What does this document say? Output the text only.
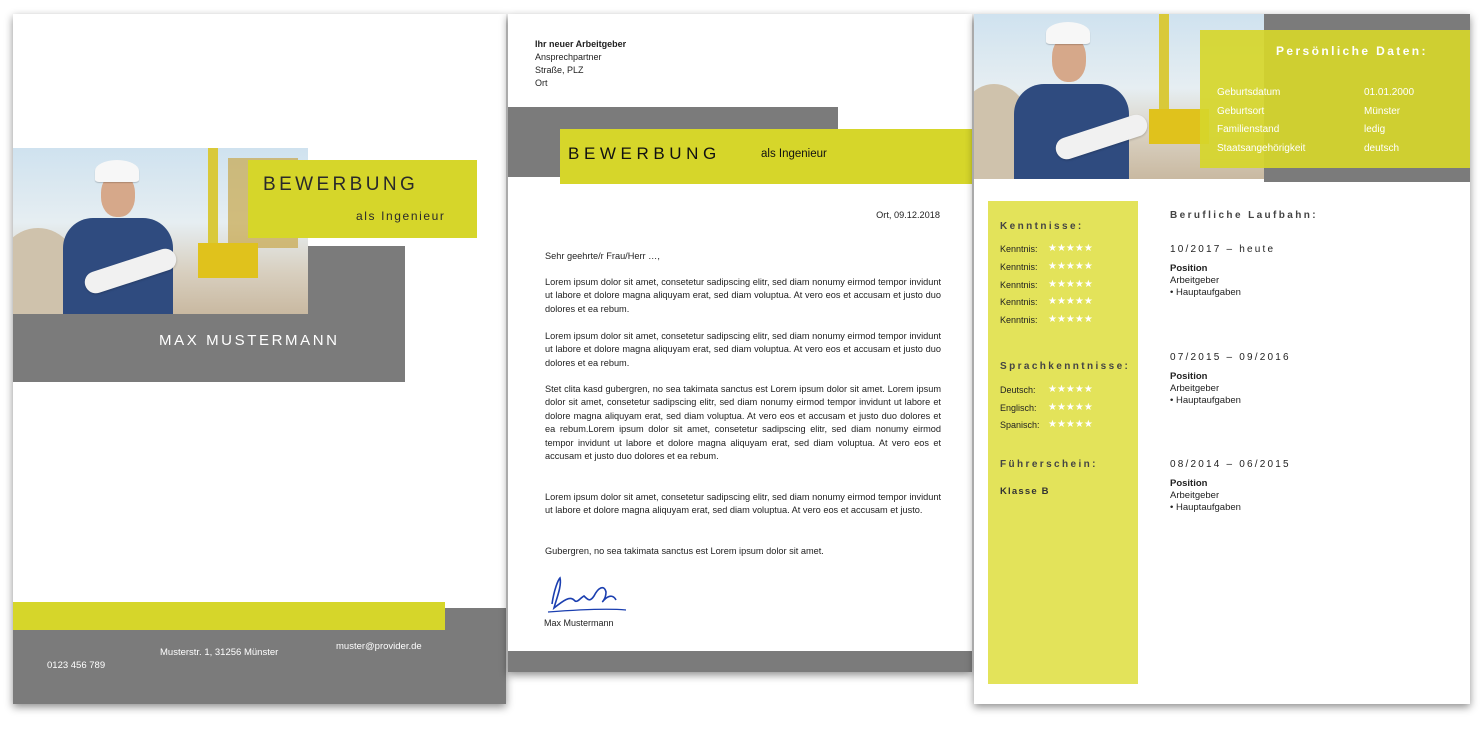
BEWERBUNG
als Ingenieur
MAX MUSTERMANN
0123 456 789
Musterstr. 1, 31256 Münster
muster@provider.de
Ihr neuer Arbeitgeber
Ansprechpartner
Straße, PLZ
Ort
BEWERBUNG	als Ingenieur
Ort, 09.12.2018
Sehr geehrte/r Frau/Herr …,
Lorem ipsum dolor sit amet, consetetur sadipscing elitr, sed diam nonumy eirmod tempor invidunt ut labore et dolore magna aliquyam erat, sed diam voluptua. At vero eos et accusam et justo duo dolores et ea rebum.
Lorem ipsum dolor sit amet, consetetur sadipscing elitr, sed diam nonumy eirmod tempor invidunt ut labore et dolore magna aliquyam erat, sed diam voluptua. At vero eos et accusam et justo duo dolores et ea rebum.
Stet clita kasd gubergren, no sea takimata sanctus est Lorem ipsum dolor sit amet. Lorem ipsum dolor sit amet, consetetur sadipscing elitr, sed diam nonumy eirmod tempor invidunt ut labore et dolore magna aliquyam erat, sed diam voluptua. At vero eos et accusam et justo duo dolores et ea rebum.Lorem ipsum dolor sit amet, consetetur sadipscing elitr, sed diam nonumy eirmod tempor invidunt ut labore et dolore magna aliquyam erat, sed diam voluptua. At vero eos et accusam et justo duo dolores et ea rebum.
Lorem ipsum dolor sit amet, consetetur sadipscing elitr, sed diam nonumy eirmod tempor invidunt ut labore et dolore magna aliquyam erat, sed diam voluptua. At vero eos et accusam et justo.
Gubergren, no sea takimata sanctus est Lorem ipsum dolor sit amet.
Max Mustermann
Persönliche Daten:
Geburtsdatum
Geburtsort
Familienstand
Staatsangehörigkeit
01.01.2000
Münster
ledig
deutsch
Kenntnisse:
Kenntnis: ★★★★★
Kenntnis: ★★★★★
Kenntnis: ★★★★★
Kenntnis: ★★★★★
Kenntnis: ★★★★★
Sprachkenntnisse:
Deutsch: ★★★★★
Englisch: ★★★★★
Spanisch: ★★★★★
Führerschein:
Klasse B
Berufliche Laufbahn:
10/2017 – heute
Position
Arbeitgeber
• Hauptaufgaben
07/2015 – 09/2016
Position
Arbeitgeber
• Hauptaufgaben
08/2014 – 06/2015
Position
Arbeitgeber
• Hauptaufgaben
